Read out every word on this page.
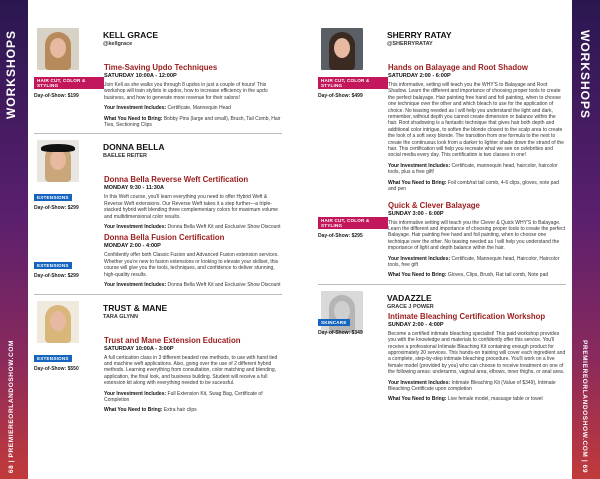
WORKSHOPS
68 | PREMIEREORLANDOSHOW.COM
WORKSHOPS
PREMIEREORLANDOSHOW.COM | 69
KELL GRACE
@kellgrace
HAIR CUT, COLOR & STYLING
Day-of-Show: $199
Time-Saving Updo Techniques
SATURDAY 10:00A - 12:00P
Join Kell as she walks you through 8 updos in just a couple of hours! This workshop will train stylists in updos, how to increase efficiency in the updo business, and how to generate more revenue for their salons!
Your Investment Includes: Certificate, Mannequin Head
What You Need to Bring: Bobby Pins (large and small), Brush, Tail Comb, Hair Ties, Sectioning Clips
DONNA BELLA
BAELEE REITER
EXTENSIONS
Day-of-Show: $299
Donna Bella Reverse Weft Certification
MONDAY 9:30 - 11:30A
In this Weft course, you'll learn everything you need to offer Hybrid Weft & Reverse Weft extensions. Our Reverse Weft takes it a step further—a triple-stacked hybrid weft blending three complementary colors for maximum volume and multidimensional color results.
Your Investment Includes: Donna Bella Weft Kit and Exclusive Show Discount
EXTENSIONS
Day-of-Show: $299
Donna Bella Fusion Certification
MONDAY 2:00 - 4:00P
Confidently offer both Classic Fusion and Advanced Fusion extension services. Whether you're new to fusion extensions or looking to elevate your skillset, this course will give you the tools, techniques, and confidence to deliver stunning, high-quality results.
Your Investment Includes: Donna Bella Weft Kit and Exclusive Show Discount
TRUST & MANE
TARA GLYNN
EXTENSIONS
Day-of-Show: $550
Trust and Mane Extension Education
SATURDAY 10:00A - 3:00P
A full certication class in 3 different beaded row methods, to use with hand tied and machine weft applications. Also, going over the use of 2 different hybrid methods. Learning everything from consultation, color matching and blending, application, the final look, and business building. Student will receive a full extension kit along with everything needed to be sucessful.
Your Investment Includes: Full Extension Kit, Swag Bag, Certificate of Completion
What You Need to Bring: Extra hair clips
SHERRY RATAY
@SHERRYRATAY
HAIR CUT, COLOR & STYLING
Day-of-Show: $499
Hands on Balayage and Root Shadow
SATURDAY 2:00 - 6:00P
This informative, setting will teach you the WHY'S to Balayage and Root Shadow. Learn the different and importance of choosing proper tools to create the perfect balayage. Hair painting free hand and foil painting, when to choose one technique over the other and which bleach to use for the application of choice. No teasing needed as I will help you understand the light and dark, remember, without depth you cannot create dimension or balance within the hair. Root shadowing is a fantastic technique that gives hair both depth and additional color intrigue, to soften the blonde closest to the scalp area to create the look of a soft sexy blonde. The transition from one formula to the next to create the continuous look from a darker to lighter shade down the strand of the hair. This certification will help you recreate what we see on celebrities and social media every day. This certification is two classes in one!
Your Investment Includes: Certificate, mannequin head, haircolor, haircolor tools, plus a free gift!
What You Need to Bring: Foil comb/rat tail comb, 4-6 clips, gloves, note pad and pen
HAIR CUT, COLOR & STYLING
Day-of-Show: $295
Quick & Clever Balayage
SUNDAY 3:00 - 6:00P
This informative setting will teach you the Clever & Quick WHY'S to Balayage. Learn the different and importance of choosing proper tools to create the perfect Balayage. Hair painting free hand and foil painting, when to choose one technique over the other. No teasing needed as I will help you understand the importance of light and depth balance within the hair.
Your Investment Includes: Certificate, Mannequin head, Haircolor, Haircolor tools, free gift
What You Need to Bring: Gloves, Clips, Brush, Rat tail comb, Note pad
VADAZZLE
GRACE J POWER
SKINCARE
Day-of-Show: $349
Intimate Bleaching Certification Workshop
SUNDAY 2:00 - 4:00P
Become a certified intimate bleaching specialist! This paid workshop provides you with the knowledge and materials to confidently offer this service. You'll receive a professional Intimate Bleaching Kit containing enough product for approximately 20 services. This hands-on training will cover each ingredient and a complete, step-by-step intimate bleaching procedure. You'll work on a live female model (provided by you) who can choose to receive treatment on one of the following areas: underarms, vaginal area, elbows, inner thighs, or anal area.
Your Investment Includes: Intimate Bleaching Kit (Value of $349), Intimate Bleaching Certificate upon completion
What You Need to Bring: Live female model, massage table or towel
